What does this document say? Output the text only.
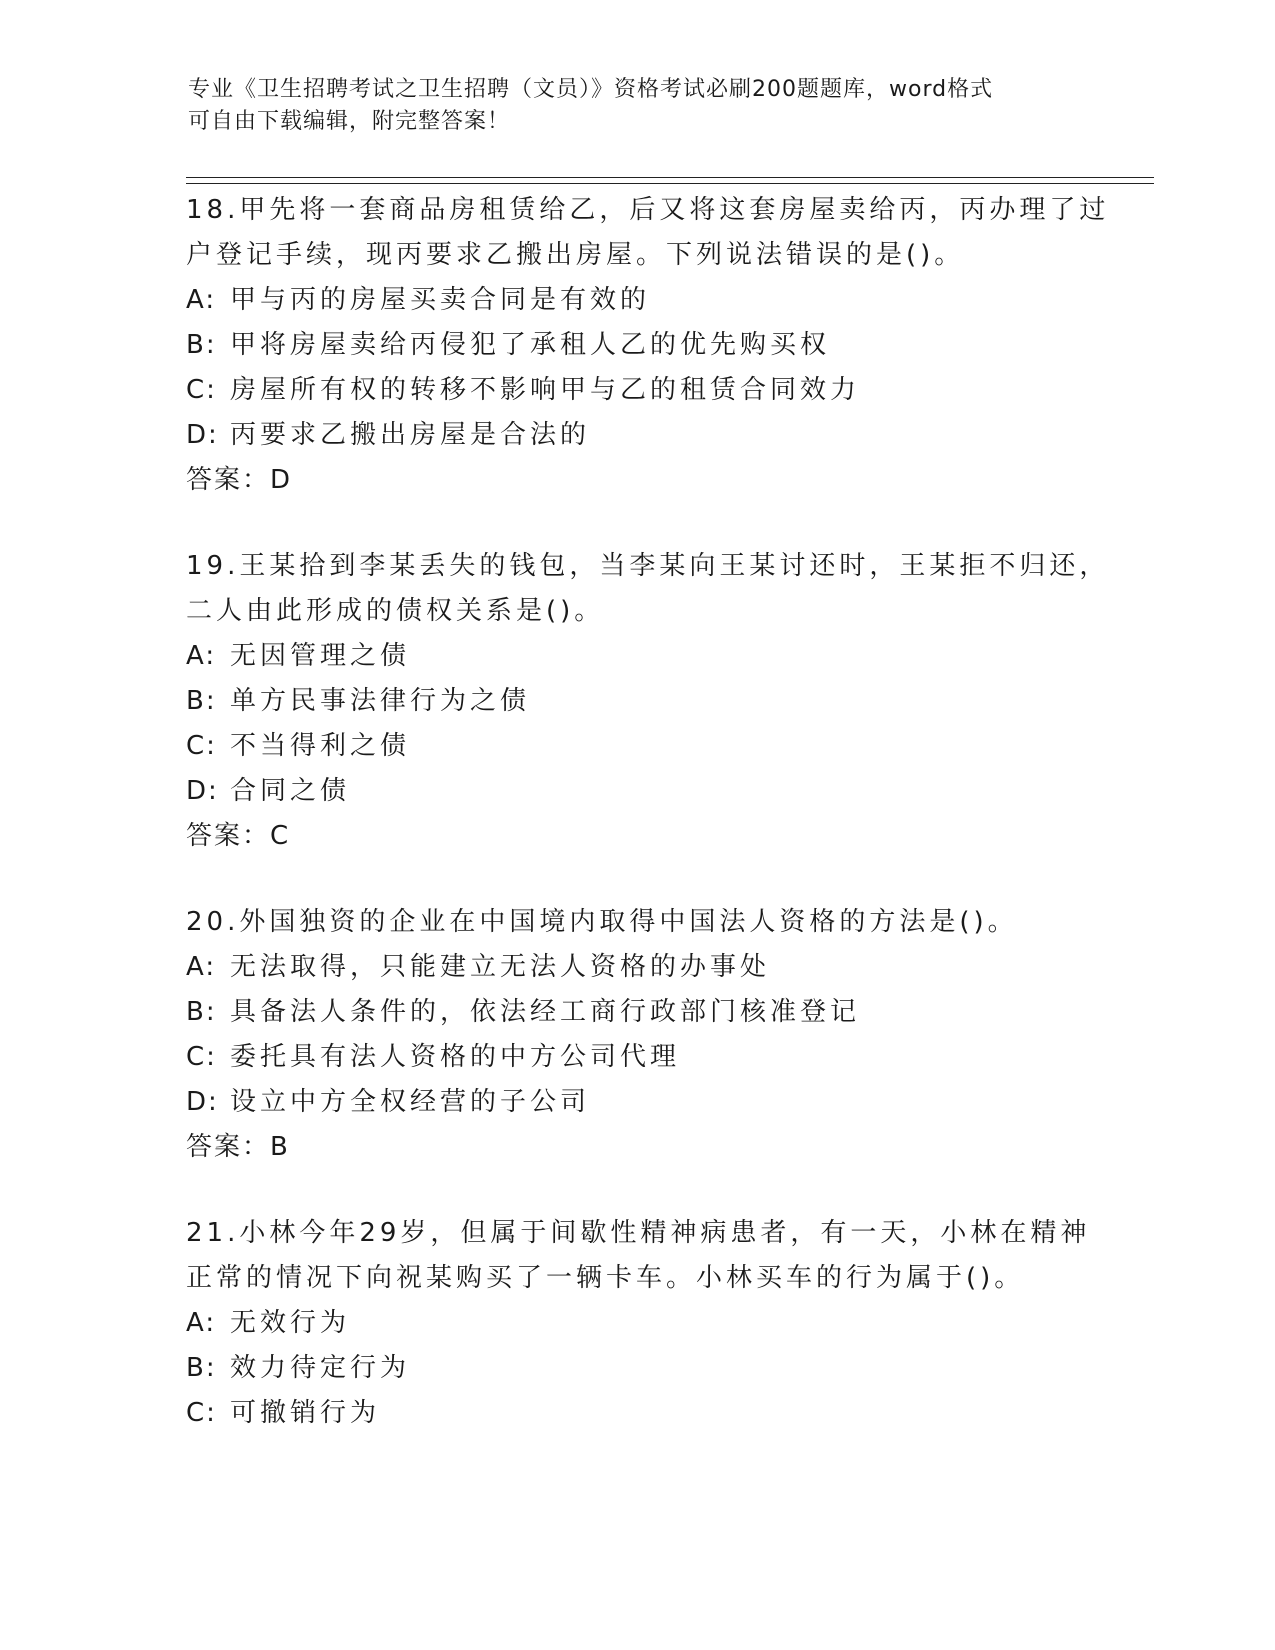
专业《卫生招聘考试之卫生招聘（文员）》资格考试必刷200题题库，word格式
可自由下载编辑，附完整答案！
18.甲先将一套商品房租赁给乙，后又将这套房屋卖给丙，丙办理了过
户登记手续，现丙要求乙搬出房屋。下列说法错误的是()。
A: 甲与丙的房屋买卖合同是有效的
B: 甲将房屋卖给丙侵犯了承租人乙的优先购买权
C: 房屋所有权的转移不影响甲与乙的租赁合同效力
D: 丙要求乙搬出房屋是合法的
答案：D
19.王某拾到李某丢失的钱包，当李某向王某讨还时，王某拒不归还，
二人由此形成的债权关系是()。
A: 无因管理之债
B: 单方民事法律行为之债
C: 不当得利之债
D: 合同之债
答案：C
20.外国独资的企业在中国境内取得中国法人资格的方法是()。
A: 无法取得，只能建立无法人资格的办事处
B: 具备法人条件的，依法经工商行政部门核准登记
C: 委托具有法人资格的中方公司代理
D: 设立中方全权经营的子公司
答案：B
21.小林今年29岁，但属于间歇性精神病患者，有一天，小林在精神
正常的情况下向祝某购买了一辆卡车。小林买车的行为属于()。
A: 无效行为
B: 效力待定行为
C: 可撤销行为
